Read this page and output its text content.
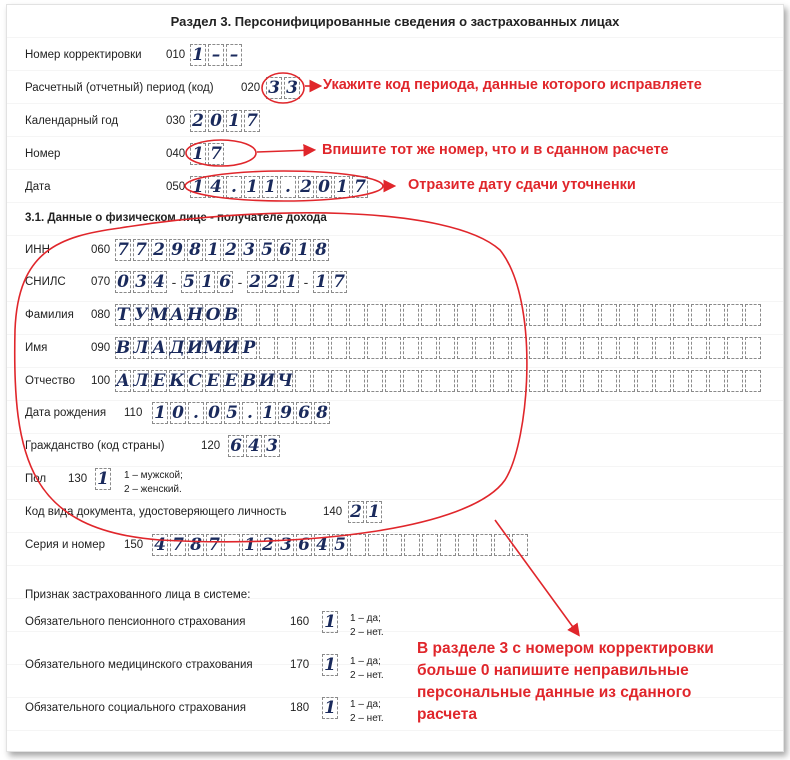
Раздел 3. Персонифицированные сведения о застрахованных лицах
Номер корректировки 010 1 – –
Расчетный (отчетный) период (код) 020 3 3
Календарный год	030 2 0 1 7
Номер	040 1 7
Дата	050 1 4 . 1 1 . 2 0 1 7
3.1. Данные о физическом лице - получателе дохода
ИНН	060 7 7 2 9 8 1 2 3 5 6 1 8
СНИЛС 070 0 3 4 - 5 1 6 - 2 2 1 - 1 7
Фамилия 080 Т У М А Н О В
Имя	090 В Л А Д И М И Р
Отчество 100 А Л Е К С Е Е В И Ч
Дата рождения 110 1 0 . 0 5 . 1 9 6 8
Гражданство (код страны)	120 6 4 3
Пол 130 1 1 – мужской;
2 – женский.
Код вида документа, удостоверяющего личность	140 2 1
Серия и номер 150 4 7 8 7 1 2 3 6 4 5
Признак застрахованного лица в системе:
Обязательного пенсионного страхования	160 1 1 – да;
2 – нет.
Обязательного медицинского страхования	170 1 1 – да;
2 – нет.
Обязательного социального страхования	180 1 1 – да;
2 – нет.
Укажите код периода, данные которого исправляете
Впишите тот же номер, что и в сданном расчете
Отразите дату сдачи уточненки
В разделе 3 с номером корректировки
больше 0 напишите неправильные
персональные данные из сданного
расчета
